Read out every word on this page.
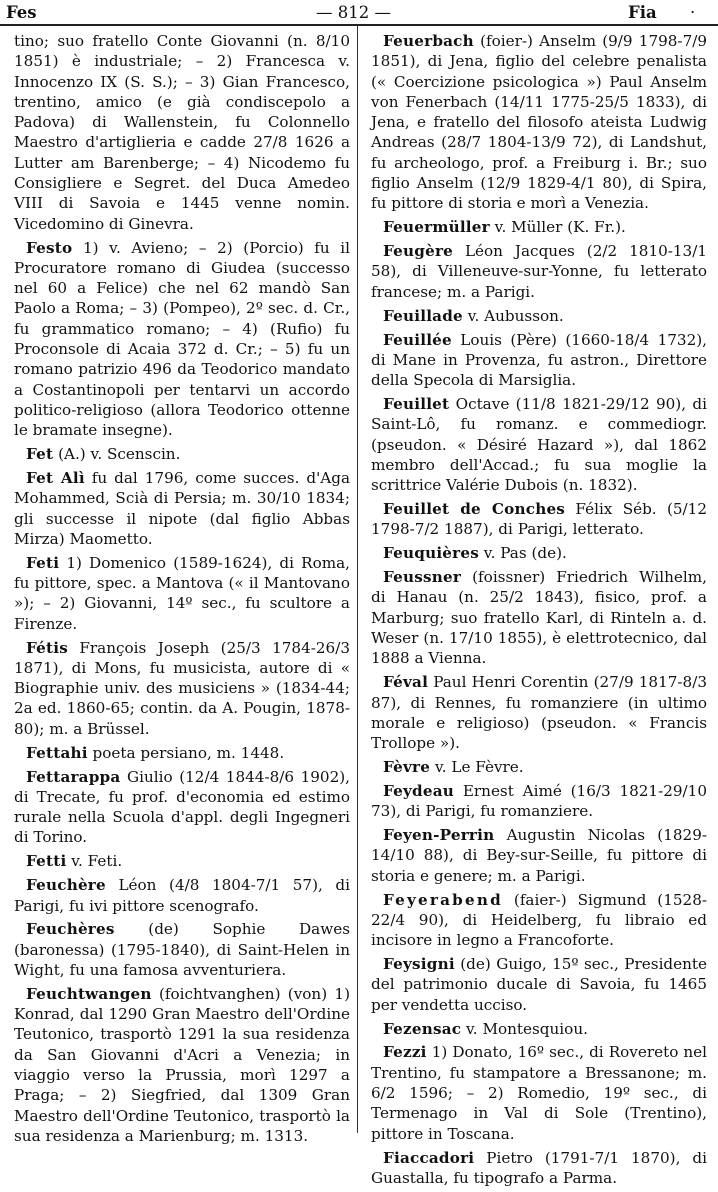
Fes	— 812 —	Fia ·

tino; suo fratello Conte Giovanni (n. 8/10 1851) è industriale; – 2) Francesca v. Innocenzo IX (S. S.); – 3) Gian Francesco, trentino, amico (e già condiscepolo a Padova) di Wallenstein, fu Colonnello Maestro d'artiglieria e cadde 27/8 1626 a Lutter am Barenberge; – 4) Nicodemo fu Consigliere e Segret. del Duca Amedeo VIII di Savoia e 1445 venne nomin. Vicedomino di Ginevra.

Festo 1) v. Avieno; – 2) (Porcio) fu il Procuratore romano di Giudea (successo nel 60 a Felice) che nel 62 mandò San Paolo a Roma; – 3) (Pompeo), 2º sec. d. Cr., fu grammatico romano; – 4) (Rufio) fu Proconsole di Acaia 372 d. Cr.; – 5) fu un romano patrizio 496 da Teodorico mandato a Costantinopoli per tentarvi un accordo politico-religioso (allora Teodorico ottenne le bramate insegne).

Fet (A.) v. Scenscin.

Fet Alì fu dal 1796, come succes. d'Aga Mohammed, Scià di Persia; m. 30/10 1834; gli successe il nipote (dal figlio Abbas Mirza) Maometto.

Feti 1) Domenico (1589-1624), di Roma, fu pittore, spec. a Mantova (« il Mantovano »); – 2) Giovanni, 14º sec., fu scultore a Firenze.

Fétis François Joseph (25/3 1784-26/3 1871), di Mons, fu musicista, autore di « Biographie univ. des musiciens » (1834-44; 2a ed. 1860-65; contin. da A. Pougin, 1878-80); m. a Brüssel.

Fettahi poeta persiano, m. 1448.

Fettarappa Giulio (12/4 1844-8/6 1902), di Trecate, fu prof. d'economia ed estimo rurale nella Scuola d'appl. degli Ingegneri di Torino.

Fetti v. Feti.

Feuchère Léon (4/8 1804-7/1 57), di Parigi, fu ivi pittore scenografo.

Feuchères (de) Sophie Dawes (baronessa) (1795-1840), di Saint-Helen in Wight, fu una famosa avventuriera.

Feuchtwangen (foichtvanghen) (von) 1) Konrad, dal 1290 Gran Maestro dell'Ordine Teutonico, trasportò 1291 la sua residenza da San Giovanni d'Acri a Venezia; in viaggio verso la Prussia, morì 1297 a Praga; – 2) Siegfried, dal 1309 Gran Maestro dell'Ordine Teutonico, trasportò la sua residenza a Marienburg; m. 1313.

Feuerbach (foier-) Anselm (9/9 1798-7/9 1851), di Jena, figlio del celebre penalista (« Coercizione psicologica ») Paul Anselm von Fenerbach (14/11 1775-25/5 1833), di Jena, e fratello del filosofo ateista Ludwig Andreas (28/7 1804-13/9 72), di Landshut, fu archeologo, prof. a Freiburg i. Br.; suo figlio Anselm (12/9 1829-4/1 80), di Spira, fu pittore di storia e morì a Venezia.

Feuermüller v. Müller (K. Fr.).

Feugère Léon Jacques (2/2 1810-13/1 58), di Villeneuve-sur-Yonne, fu letterato francese; m. a Parigi.

Feuillade v. Aubusson.

Feuillée Louis (Père) (1660-18/4 1732), di Mane in Provenza, fu astron., Direttore della Specola di Marsiglia.

Feuillet Octave (11/8 1821-29/12 90), di Saint-Lô, fu romanz. e commediogr. (pseudon. « Désiré Hazard »), dal 1862 membro dell'Accad.; fu sua moglie la scrittrice Valérie Dubois (n. 1832).

Feuillet de Conches Félix Séb. (5/12 1798-7/2 1887), di Parigi, letterato.

Feuquières v. Pas (de).

Feussner (foissner) Friedrich Wilhelm, di Hanau (n. 25/2 1843), fisico, prof. a Marburg; suo fratello Karl, di Rinteln a. d. Weser (n. 17/10 1855), è elettrotecnico, dal 1888 a Vienna.

Féval Paul Henri Corentin (27/9 1817-8/3 87), di Rennes, fu romanziere (in ultimo morale e religioso) (pseudon. « Francis Trollope »).

Fèvre v. Le Fèvre.

Feydeau Ernest Aimé (16/3 1821-29/10 73), di Parigi, fu romanziere.

Feyen-Perrin Augustin Nicolas (1829-14/10 88), di Bey-sur-Seille, fu pittore di storia e genere; m. a Parigi.

Feyerabend (faier-) Sigmund (1528-22/4 90), di Heidelberg, fu libraio ed incisore in legno a Francoforte.

Feysigni (de) Guigo, 15º sec., Presidente del patrimonio ducale di Savoia, fu 1465 per vendetta ucciso.

Fezensac v. Montesquiou.

Fezzi 1) Donato, 16º sec., di Rovereto nel Trentino, fu stampatore a Bressanone; m. 6/2 1596; – 2) Romedio, 19º sec., di Termenago in Val di Sole (Trentino), pittore in Toscana.

Fiaccadori Pietro (1791-7/1 1870), di Guastalla, fu tipografo a Parma.
